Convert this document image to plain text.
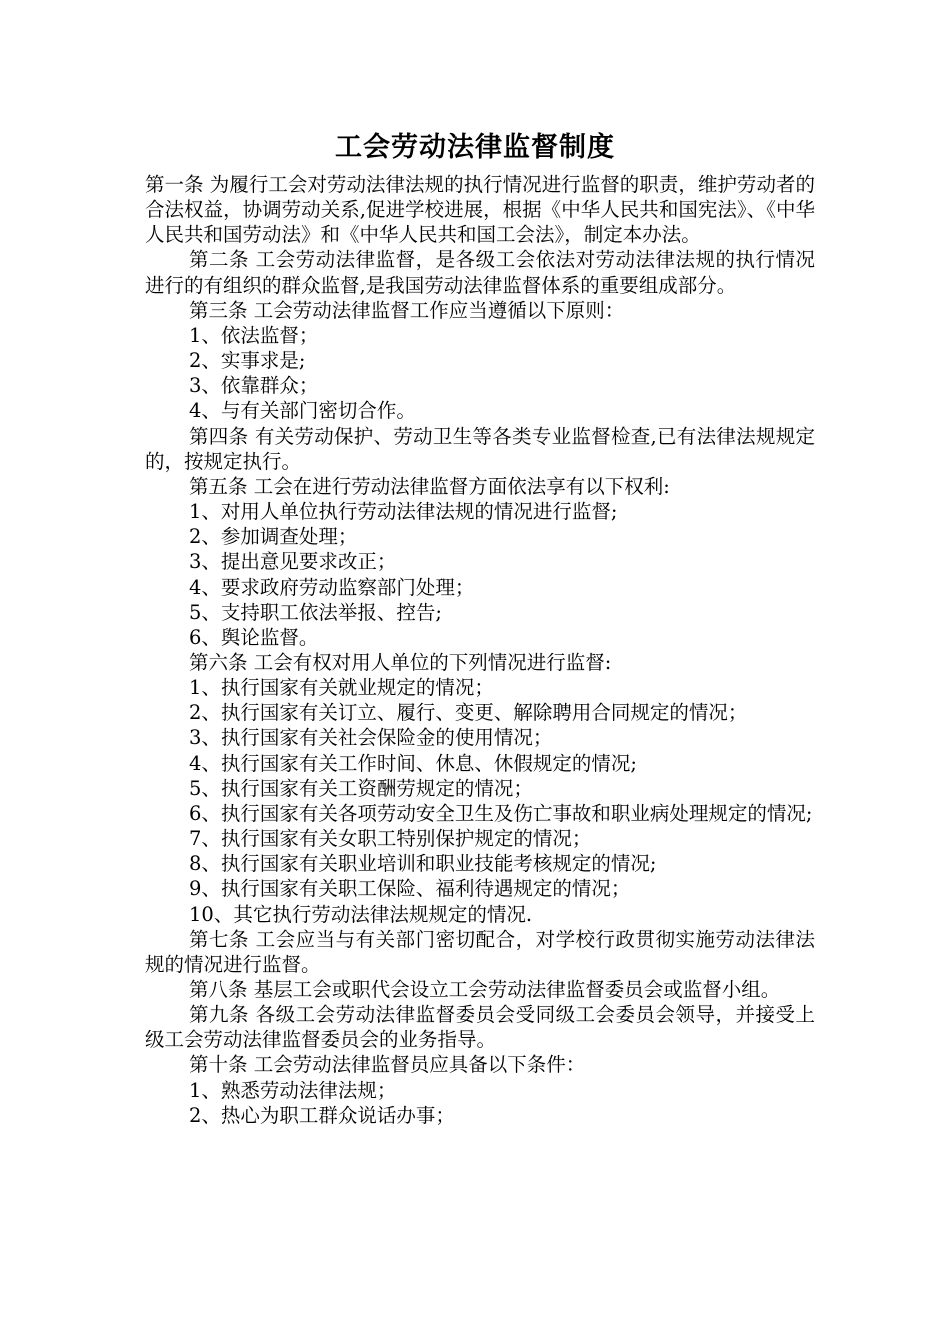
工会劳动法律监督制度

第一条 为履行工会对劳动法律法规的执行情况进行监督的职责，维护劳动者的合法权益，协调劳动关系,促进学校进展，根据《中华人民共和国宪法》、《中华人民共和国劳动法》和《中华人民共和国工会法》，制定本办法。

第二条 工会劳动法律监督，是各级工会依法对劳动法律法规的执行情况进行的有组织的群众监督,是我国劳动法律监督体系的重要组成部分。

第三条 工会劳动法律监督工作应当遵循以下原则：

1、依法监督；

2、实事求是;

3、依靠群众；

4、与有关部门密切合作。

第四条 有关劳动保护、劳动卫生等各类专业监督检查,已有法律法规规定的，按规定执行。

第五条 工会在进行劳动法律监督方面依法享有以下权利:

1、对用人单位执行劳动法律法规的情况进行监督;

2、参加调查处理；

3、提出意见要求改正；

4、要求政府劳动监察部门处理；

5、支持职工依法举报、控告;

6、舆论监督。

第六条 工会有权对用人单位的下列情况进行监督:

1、执行国家有关就业规定的情况；

2、执行国家有关订立、履行、变更、解除聘用合同规定的情况；

3、执行国家有关社会保险金的使用情况；

4、执行国家有关工作时间、休息、休假规定的情况;

5、执行国家有关工资酬劳规定的情况；

6、执行国家有关各项劳动安全卫生及伤亡事故和职业病处理规定的情况;

7、执行国家有关女职工特别保护规定的情况；

8、执行国家有关职业培训和职业技能考核规定的情况;

9、执行国家有关职工保险、福利待遇规定的情况；

10、其它执行劳动法律法规规定的情况.

第七条 工会应当与有关部门密切配合，对学校行政贯彻实施劳动法律法规的情况进行监督。

第八条 基层工会或职代会设立工会劳动法律监督委员会或监督小组。

第九条 各级工会劳动法律监督委员会受同级工会委员会领导，并接受上级工会劳动法律监督委员会的业务指导。

第十条 工会劳动法律监督员应具备以下条件：

1、熟悉劳动法律法规；

2、热心为职工群众说话办事；
